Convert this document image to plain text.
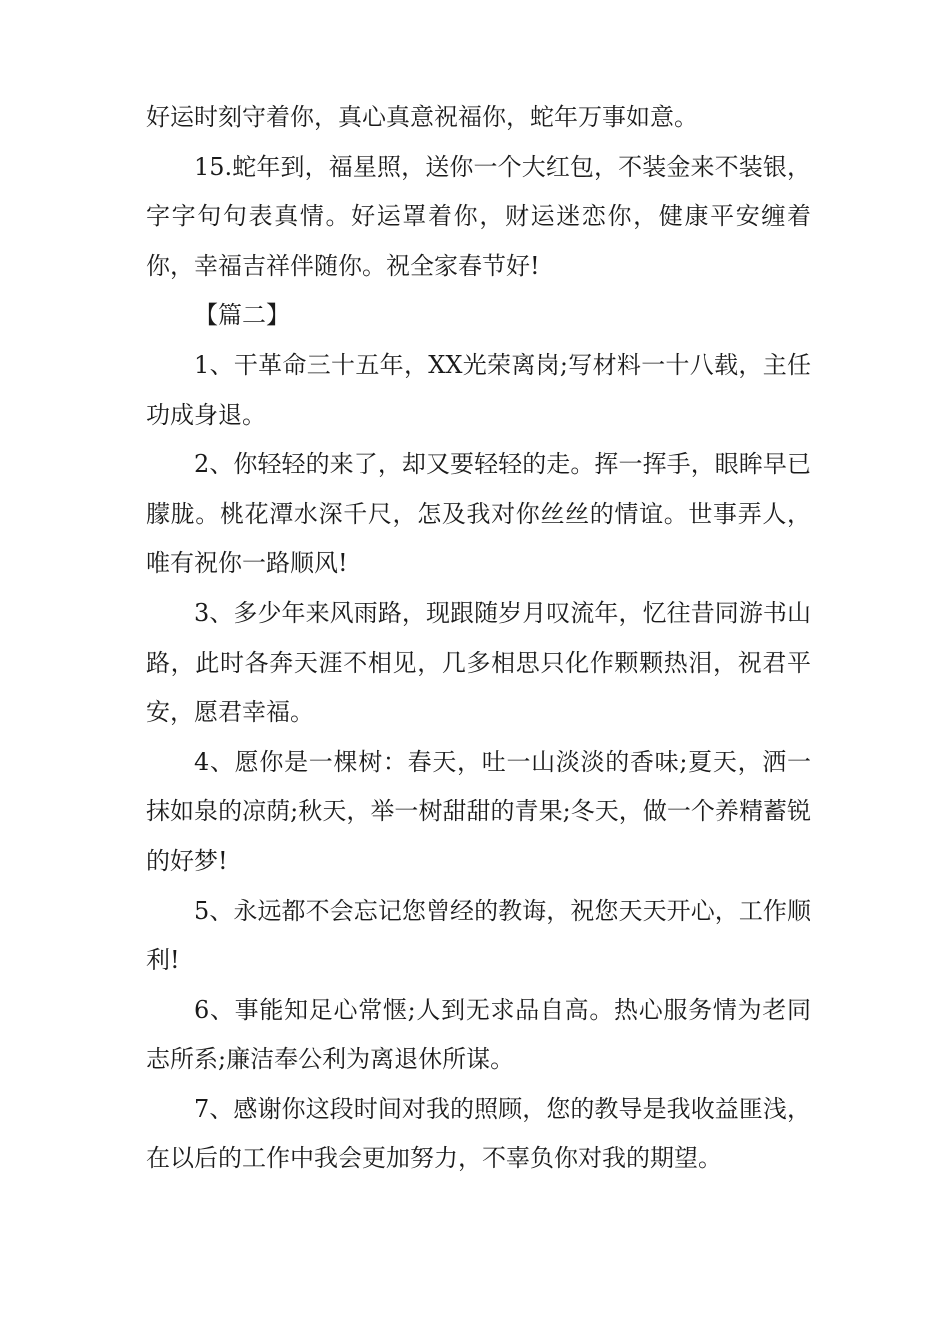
好运时刻守着你，真心真意祝福你，蛇年万事如意。

15.蛇年到，福星照，送你一个大红包，不装金来不装银，字字句句表真情。好运罩着你，财运迷恋你，健康平安缠着你，幸福吉祥伴随你。祝全家春节好!

【篇二】

1、干革命三十五年，XX光荣离岗;写材料一十八载，主任功成身退。

2、你轻轻的来了，却又要轻轻的走。挥一挥手，眼眸早已朦胧。桃花潭水深千尺，怎及我对你丝丝的情谊。世事弄人，唯有祝你一路顺风!

3、多少年来风雨路，现跟随岁月叹流年，忆往昔同游书山路，此时各奔天涯不相见，几多相思只化作颗颗热泪，祝君平安，愿君幸福。

4、愿你是一棵树：春天，吐一山淡淡的香味;夏天，洒一抹如泉的凉荫;秋天，举一树甜甜的青果;冬天，做一个养精蓄锐的好梦!

5、永远都不会忘记您曾经的教诲，祝您天天开心，工作顺利!

6、事能知足心常惬;人到无求品自高。热心服务情为老同志所系;廉洁奉公利为离退休所谋。

7、感谢你这段时间对我的照顾，您的教导是我收益匪浅，在以后的工作中我会更加努力，不辜负你对我的期望。
